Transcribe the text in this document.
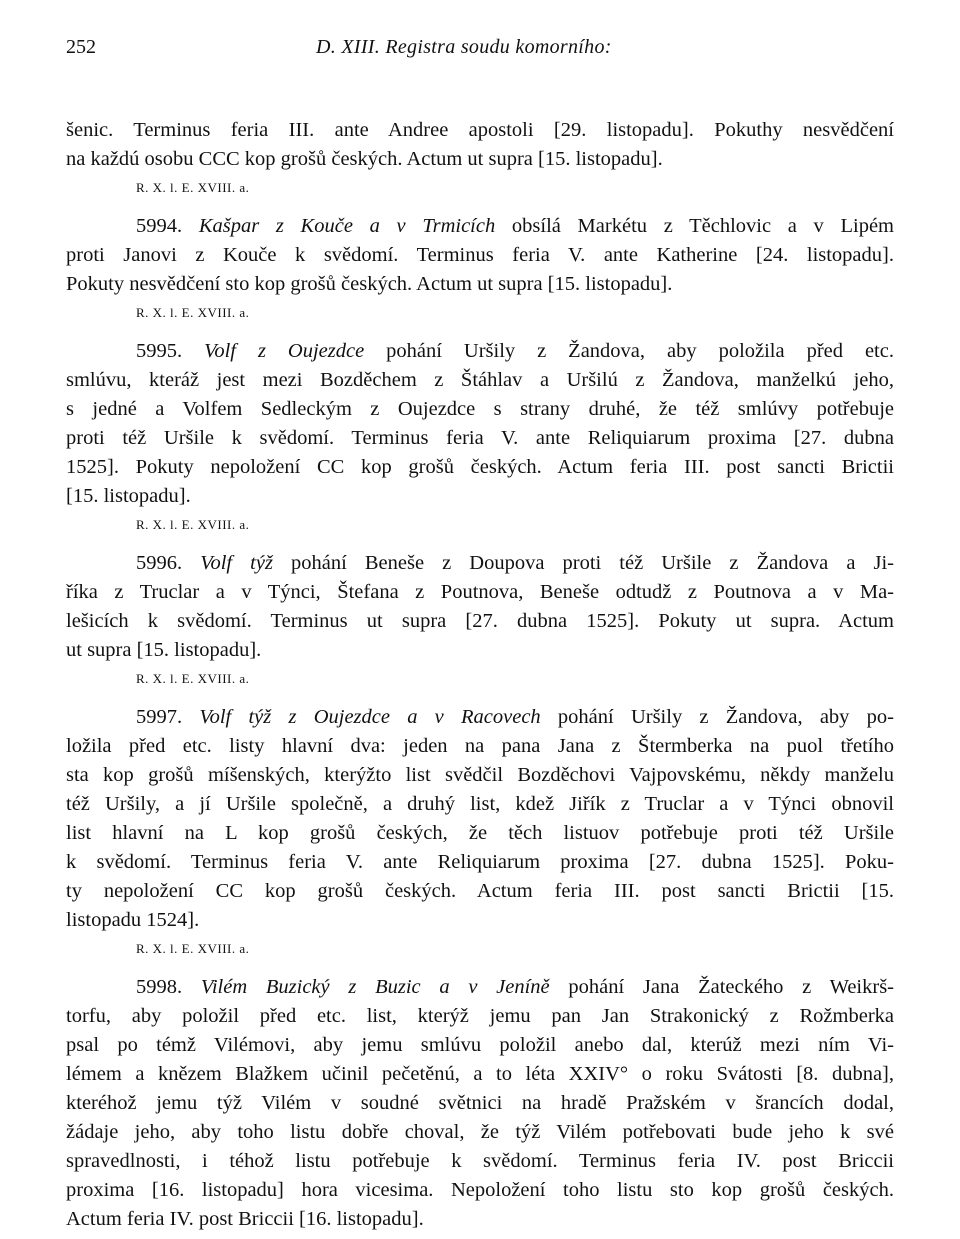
252	D. XIII. Registra soudu komorního:
šenic. Terminus feria III. ante Andree apostoli [29. listopadu]. Pokuthy nesvědčení
na každú osobu CCC kop grošů českých. Actum ut supra [15. listopadu].
R. X. l. E. XVIII. a.
5994. Kašpar z Kouče a v Trmicích obsílá Markétu z Těchlovic a v Lipém
proti Janovi z Kouče k svědomí. Terminus feria V. ante Katherine [24. listopadu].
Pokuty nesvědčení sto kop grošů českých. Actum ut supra [15. listopadu].
R. X. l. E. XVIII. a.
5995. Volf z Oujezdce pohání Uršily z Žandova, aby položila před etc.
smlúvu, kteráž jest mezi Bozděchem z Štáhlav a Uršilú z Žandova, manželkú jeho,
s jedné a Volfem Sedleckým z Oujezdce s strany druhé, že též smlúvy potřebuje
proti též Uršile k svědomí. Terminus feria V. ante Reliquiarum proxima [27. dubna
1525]. Pokuty nepoložení CC kop grošů českých. Actum feria III. post sancti Brictii
[15. listopadu].
R. X. l. E. XVIII. a.
5996. Volf týž pohání Beneše z Doupova proti též Uršile z Žandova a Ji-
říka z Truclar a v Týnci, Štefana z Poutnova, Beneše odtudž z Poutnova a v Ma-
lešicích k svědomí. Terminus ut supra [27. dubna 1525]. Pokuty ut supra. Actum
ut supra [15. listopadu].
R. X. l. E. XVIII. a.
5997. Volf týž z Oujezdce a v Racovech pohání Uršily z Žandova, aby po-
ložila před etc. listy hlavní dva: jeden na pana Jana z Štermberka na puol třetího
sta kop grošů míšenských, kterýžto list svědčil Bozděchovi Vajpovskému, někdy manželu
též Uršily, a jí Uršile společně, a druhý list, kdež Jiřík z Truclar a v Týnci obnovil
list hlavní na L kop grošů českých, že těch listuov potřebuje proti též Uršile
k svědomí. Terminus feria V. ante Reliquiarum proxima [27. dubna 1525]. Poku-
ty nepoložení CC kop grošů českých. Actum feria III. post sancti Brictii [15.
listopadu 1524].
R. X. l. E. XVIII. a.
5998. Vilém Buzický z Buzic a v Jeníně pohání Jana Žateckého z Weikrš-
torfu, aby položil před etc. list, kterýž jemu pan Jan Strakonický z Rožmberka
psal po témž Vilémovi, aby jemu smlúvu položil anebo dal, kterúž mezi ním Vi-
lémem a knězem Blažkem učinil pečetěnú, a to léta XXIV° o roku Svátosti [8. dubna],
kteréhož jemu týž Vilém v soudné světnici na hradě Pražském v šrancích dodal,
žádaje jeho, aby toho listu dobře choval, že týž Vilém potřebovati bude jeho k své
spravedlnosti, i téhož listu potřebuje k svědomí. Terminus feria IV. post Briccii
proxima [16. listopadu] hora vicesima. Nepoložení toho listu sto kop grošů českých.
Actum feria IV. post Briccii [16. listopadu].
